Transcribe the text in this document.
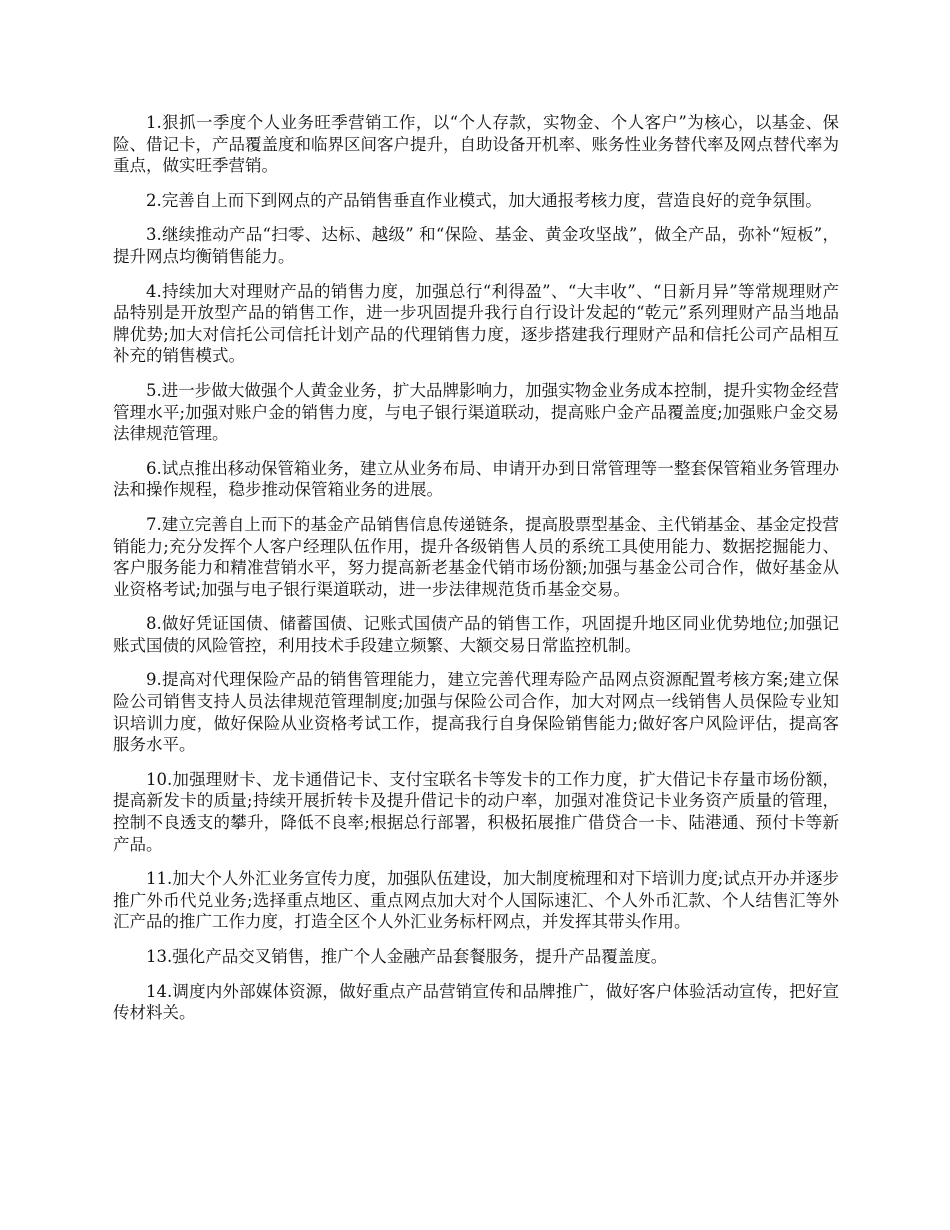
1.狠抓一季度个人业务旺季营销工作，以“个人存款，实物金、个人客户”为核心，以基金、保险、借记卡，产品覆盖度和临界区间客户提升，自助设备开机率、账务性业务替代率及网点替代率为重点，做实旺季营销。

2.完善自上而下到网点的产品销售垂直作业模式，加大通报考核力度，营造良好的竞争氛围。

3.继续推动产品“扫零、达标、越级” 和“保险、基金、黄金攻坚战”，做全产品，弥补“短板”，提升网点均衡销售能力。

4.持续加大对理财产品的销售力度，加强总行“利得盈”、“大丰收”、“日新月异”等常规理财产品特别是开放型产品的销售工作，进一步巩固提升我行自行设计发起的“乾元”系列理财产品当地品牌优势;加大对信托公司信托计划产品的代理销售力度，逐步搭建我行理财产品和信托公司产品相互补充的销售模式。

5.进一步做大做强个人黄金业务，扩大品牌影响力，加强实物金业务成本控制，提升实物金经营管理水平;加强对账户金的销售力度，与电子银行渠道联动，提高账户金产品覆盖度;加强账户金交易法律规范管理。

6.试点推出移动保管箱业务，建立从业务布局、申请开办到日常管理等一整套保管箱业务管理办法和操作规程，稳步推动保管箱业务的进展。

7.建立完善自上而下的基金产品销售信息传递链条，提高股票型基金、主代销基金、基金定投营销能力;充分发挥个人客户经理队伍作用，提升各级销售人员的系统工具使用能力、数据挖掘能力、客户服务能力和精准营销水平，努力提高新老基金代销市场份额;加强与基金公司合作，做好基金从业资格考试;加强与电子银行渠道联动，进一步法律规范货币基金交易。

8.做好凭证国债、储蓄国债、记账式国债产品的销售工作，巩固提升地区同业优势地位;加强记账式国债的风险管控，利用技术手段建立频繁、大额交易日常监控机制。

9.提高对代理保险产品的销售管理能力，建立完善代理寿险产品网点资源配置考核方案;建立保险公司销售支持人员法律规范管理制度;加强与保险公司合作，加大对网点一线销售人员保险专业知识培训力度，做好保险从业资格考试工作，提高我行自身保险销售能力;做好客户风险评估，提高客服务水平。

10.加强理财卡、龙卡通借记卡、支付宝联名卡等发卡的工作力度，扩大借记卡存量市场份额，提高新发卡的质量;持续开展折转卡及提升借记卡的动户率，加强对准贷记卡业务资产质量的管理，控制不良透支的攀升，降低不良率;根据总行部署，积极拓展推广借贷合一卡、陆港通、预付卡等新产品。

11.加大个人外汇业务宣传力度，加强队伍建设，加大制度梳理和对下培训力度;试点开办并逐步推广外币代兑业务;选择重点地区、重点网点加大对个人国际速汇、个人外币汇款、个人结售汇等外汇产品的推广工作力度，打造全区个人外汇业务标杆网点，并发挥其带头作用。

13.强化产品交叉销售，推广个人金融产品套餐服务，提升产品覆盖度。

14.调度内外部媒体资源，做好重点产品营销宣传和品牌推广，做好客户体验活动宣传，把好宣传材料关。
